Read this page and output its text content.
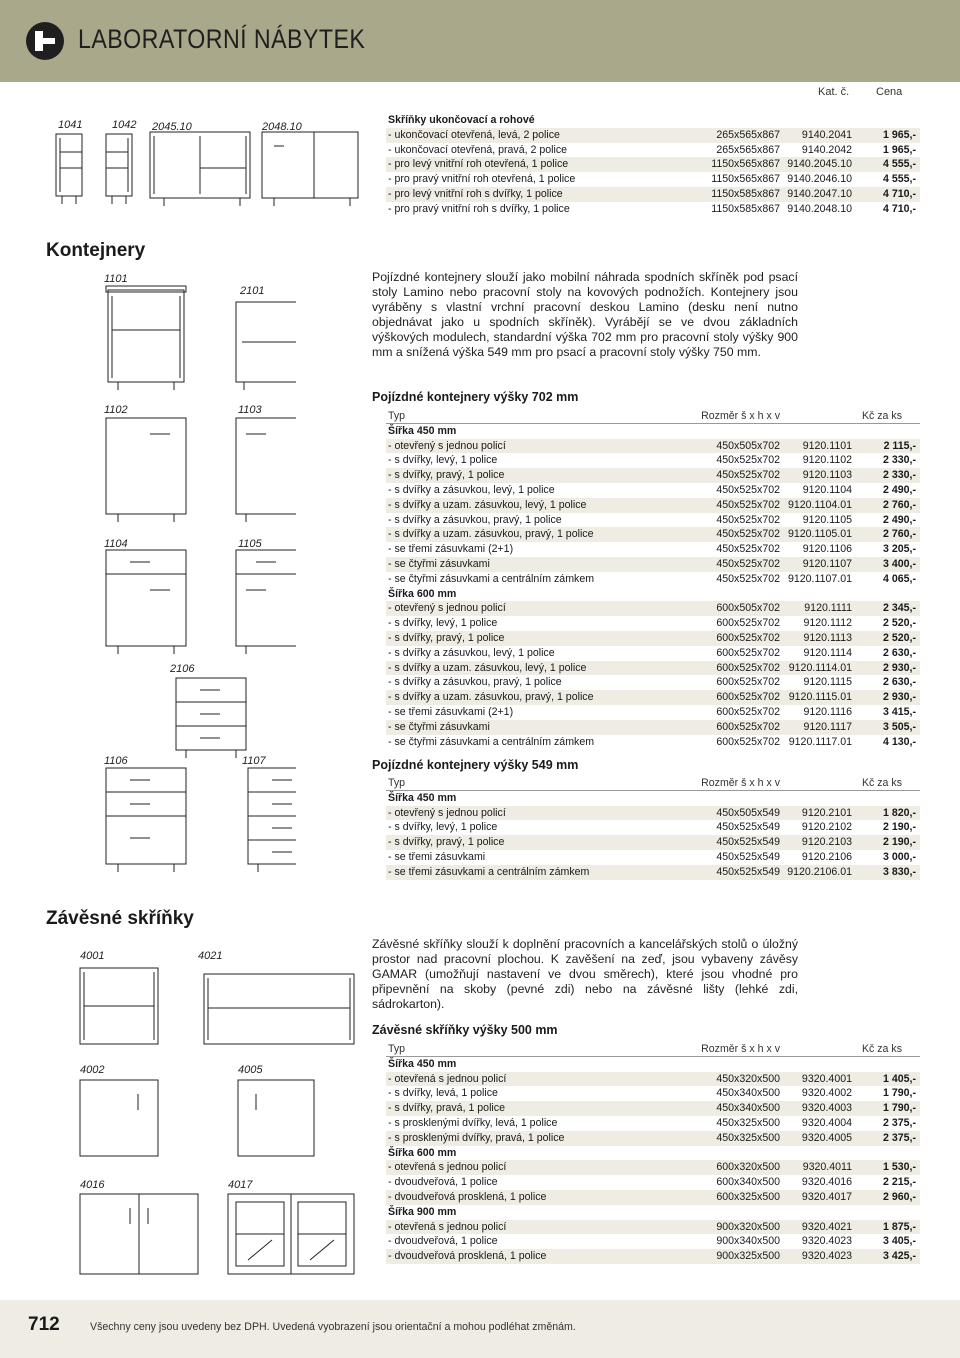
LABORATORNÍ NÁBYTEK
Kat. č. Cena
1041	1042 2045.10	2048.10
Skříňky ukončovací a rohové
- ukončovací otevřená, levá, 2 police	265x565x867 9140.2041	1 965,-
- ukončovací otevřená, pravá, 2 police	265x565x867 9140.2042	1 965,-
- pro levý vnitřní roh otevřená, 1 police	1150x565x867 9140.2045.10	4 555,-
- pro pravý vnitřní roh otevřená, 1 police	1150x565x867 9140.2046.10	4 555,-
- pro levý vnitřní roh s dvířky, 1 police	1150x585x867 9140.2047.10	4 710,-
- pro pravý vnitřní roh s dvířky, 1 police	1150x585x867 9140.2048.10	4 710,-
Kontejnery
1101
2101
1102	1103
1104	1105
2106
1106	1107
Pojízdné kontejnery slouží jako mobilní náhrada spodních skříněk pod psací stoly Lamino nebo pracovní stoly na kovových podnožích. Kontejnery jsou vyráběny s vlastní vrchní pracovní deskou Lamino (desku není nutno objednávat jako u spodních skříněk). Vyrábějí se ve dvou základních výškových modulech, standardní výška 702 mm pro pracovní stoly výšky 900 mm a snížená výška 549 mm pro psací a pracovní stoly výšky 750 mm.
Pojízdné kontejnery výšky 702 mm
Typ	Rozměr š x h x v	Kč za ks
Šířka 450 mm
- otevřený s jednou policí	450x505x702 9120.1101	2 115,-
- s dvířky, levý, 1 police	450x525x702 9120.1102	2 330,-
- s dvířky, pravý, 1 police	450x525x702 9120.1103	2 330,-
- s dvířky a zásuvkou, levý, 1 police	450x525x702 9120.1104	2 490,-
- s dvířky a uzam. zásuvkou, levý, 1 police	450x525x702 9120.1104.01	2 760,-
- s dvířky a zásuvkou, pravý, 1 police	450x525x702 9120.1105	2 490,-
- s dvířky a uzam. zásuvkou, pravý, 1 police	450x525x702 9120.1105.01	2 760,-
- se třemi zásuvkami (2+1)	450x525x702 9120.1106	3 205,-
- se čtyřmi zásuvkami	450x525x702 9120.1107	3 400,-
- se čtyřmi zásuvkami a centrálním zámkem	450x525x702 9120.1107.01	4 065,-
Šířka 600 mm
- otevřený s jednou policí	600x505x702 9120.1111	2 345,-
- s dvířky, levý, 1 police	600x525x702 9120.1112	2 520,-
- s dvířky, pravý, 1 police	600x525x702 9120.1113	2 520,-
- s dvířky a zásuvkou, levý, 1 police	600x525x702 9120.1114	2 630,-
- s dvířky a uzam. zásuvkou, levý, 1 police	600x525x702 9120.1114.01	2 930,-
- s dvířky a zásuvkou, pravý, 1 police	600x525x702 9120.1115	2 630,-
- s dvířky a uzam. zásuvkou, pravý, 1 police	600x525x702 9120.1115.01	2 930,-
- se třemi zásuvkami (2+1)	600x525x702 9120.1116	3 415,-
- se čtyřmi zásuvkami	600x525x702 9120.1117	3 505,-
- se čtyřmi zásuvkami a centrálním zámkem	600x525x702 9120.1117.01	4 130,-
Pojízdné kontejnery výšky 549 mm
Typ	Rozměr š x h x v	Kč za ks
Šířka 450 mm
- otevřený s jednou policí	450x505x549 9120.2101	1 820,-
- s dvířky, levý, 1 police	450x525x549 9120.2102	2 190,-
- s dvířky, pravý, 1 police	450x525x549 9120.2103	2 190,-
- se třemi zásuvkami	450x525x549 9120.2106	3 000,-
- se třemi zásuvkami a centrálním zámkem	450x525x549 9120.2106.01	3 830,-
Závěsné skříňky
4001	4021
4002	4005
4016	4017
Závěsné skříňky slouží k doplnění pracovních a kancelářských stolů o úložný prostor nad pracovní plochou. K zavěšení na zeď, jsou vybaveny závěsy GAMAR (umožňují nastavení ve dvou směrech), které jsou vhodné pro připevnění na skoby (pevné zdi) nebo na závěsné lišty (lehké zdi, sádrokarton).
Závěsné skříňky výšky 500 mm
Typ	Rozměr š x h x v	Kč za ks
Šířka 450 mm
- otevřená s jednou policí	450x320x500 9320.4001	1 405,-
- s dvířky, levá, 1 police	450x340x500 9320.4002	1 790,-
- s dvířky, pravá, 1 police	450x340x500 9320.4003	1 790,-
- s prosklenými dvířky, levá, 1 police	450x325x500 9320.4004	2 375,-
- s prosklenými dvířky, pravá, 1 police	450x325x500 9320.4005	2 375,-
Šířka 600 mm
- otevřená s jednou policí	600x320x500 9320.4011	1 530,-
- dvoudveřová, 1 police	600x340x500 9320.4016	2 215,-
- dvoudveřová prosklená, 1 police	600x325x500 9320.4017	2 960,-
Šířka 900 mm
- otevřená s jednou policí	900x320x500 9320.4021	1 875,-
- dvoudveřová, 1 police	900x340x500 9320.4023	3 405,-
- dvoudveřová prosklená, 1 police	900x325x500 9320.4023	3 425,-
712	Všechny ceny jsou uvedeny bez DPH. Uvedená vyobrazení jsou orientační a mohou podléhat změnám.
